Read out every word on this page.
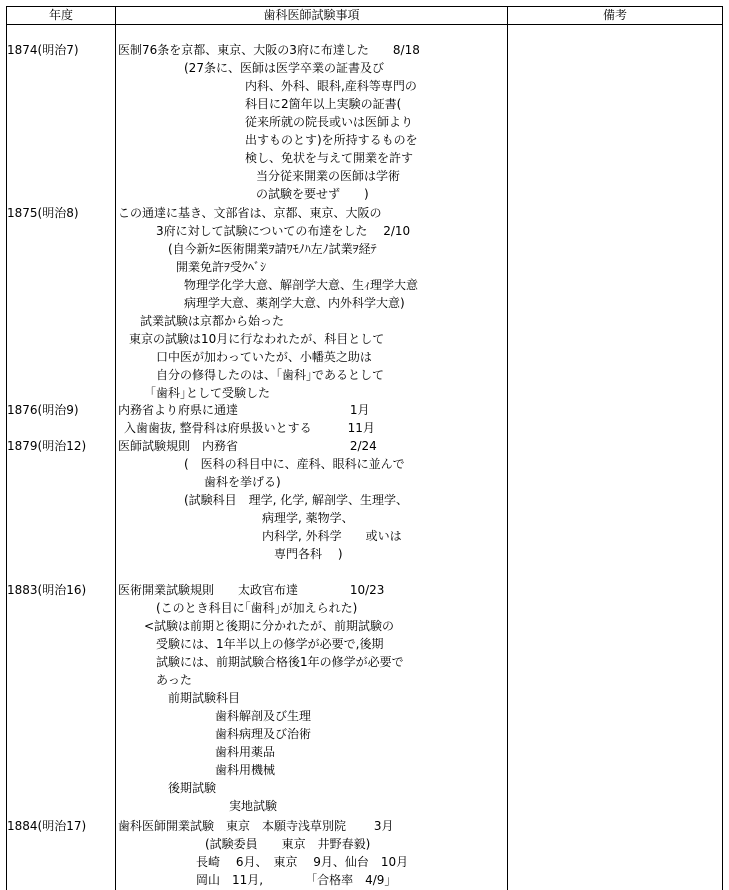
年度	歯科医師試験事項	備考
1874(明治7)
1875(明治8)
1876(明治9)
1879(明治12)
1883(明治16)
1884(明治17)
医制76条を京都、東京、大阪の3府に布達した　　8/18
(27条に、医師は医学卒業の証書及び
内科、外科、眼科,産科等専門の
科目に2箇年以上実験の証書(
従来所就の院長或いは医師より
出すものとす)を所持するものを
検し、免状を与えて開業を許す
当分従来開業の医師は学術
の試験を要せず　　)
この通達に基き、文部省は、京都、東京、大阪の
3府に対して試験についての布達をした　 2/10
(自今新ﾀﾆ医術開業ｦ請ﾜﾓﾉﾊ左ﾉ試業ｦ経ﾃ
開業免許ｦ受ｸﾍﾞｼ
物理学化学大意、解剖学大意、生ｨ理学大意
病理学大意、薬剤学大意、内外科学大意)
試業試験は京都から始った
東京の試験は10月に行なわれたが、科目として
口中医が加わっていたが、小幡英之助は
自分の修得したのは、｢歯科｣であるとして
｢歯科｣として受験した
内務省より府県に通達　　　　　　　　　 1月
入歯歯抜, 整骨科は府県扱いとする　　　11月
医師試験規則　内務省　　　　　　　　　 2/24
(　医科の科目中に、産科、眼科に並んで
歯科を挙げる)
(試験科目　理学, 化学, 解剖学、生理学、
病理学, 薬物学、
内科学, 外科学　　或いは
専門各科　 )
医術開業試験規則　　太政官布達　　　　 10/23
(このとき科目に｢歯科｣が加えられた)
<試験は前期と後期に分かれたが、前期試験の
受験には、1年半以上の修学が必要で,後期
試験には、前期試験合格後1年の修学が必要で
あった
前期試験科目
歯科解剖及び生理
歯科病理及び治術
歯科用薬品
歯科用機械
後期試験
実地試験
歯科医師開業試験　東京　本願寺浅草別院　　 3月
(試験委員　　東京　井野春毅)
長崎　 6月、　東京　 9月、仙台　10月
岡山　11月,　　　　｢合格率　4/9｣
